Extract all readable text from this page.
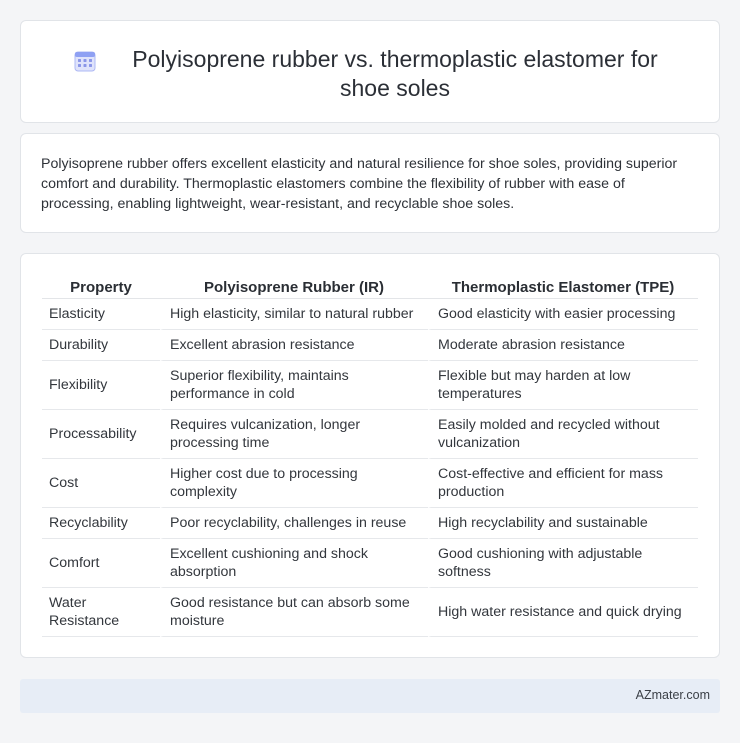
Polyisoprene rubber vs. thermoplastic elastomer for shoe soles

Polyisoprene rubber offers excellent elasticity and natural resilience for shoe soles, providing superior comfort and durability. Thermoplastic elastomers combine the flexibility of rubber with ease of processing, enabling lightweight, wear-resistant, and recyclable shoe soles.

Property	Polyisoprene Rubber (IR)	Thermoplastic Elastomer (TPE)
Elasticity	High elasticity, similar to natural rubber	Good elasticity with easier processing
Durability	Excellent abrasion resistance	Moderate abrasion resistance
Flexibility	Superior flexibility, maintains performance in cold	Flexible but may harden at low temperatures
Processability	Requires vulcanization, longer processing time	Easily molded and recycled without vulcanization
Cost	Higher cost due to processing complexity	Cost-effective and efficient for mass production
Recyclability	Poor recyclability, challenges in reuse	High recyclability and sustainable
Comfort	Excellent cushioning and shock absorption	Good cushioning with adjustable softness
Water Resistance	Good resistance but can absorb some moisture	High water resistance and quick drying
AZmater.com
